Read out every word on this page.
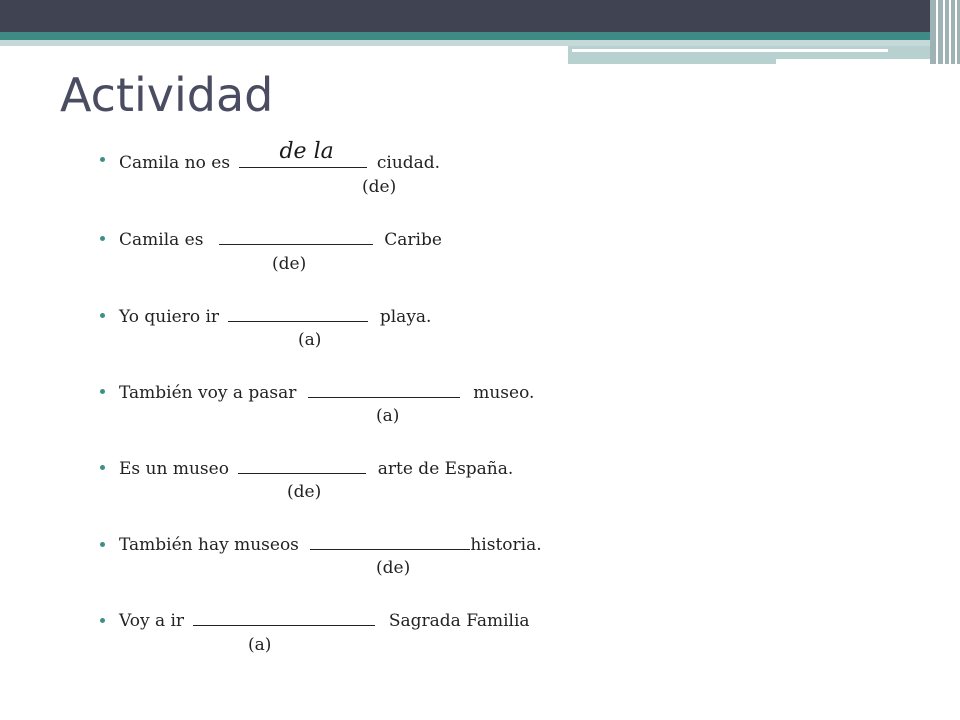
Actividad
Camila no es de la	ciudad.
(de)
Camila es	Caribe
(de)
Yo quiero ir	playa.
(a)
También voy a pasar	museo.
(a)
Es un museo	arte de España.
(de)
También hay museos	historia.
(de)
Voy a ir	Sagrada Familia
(a)
